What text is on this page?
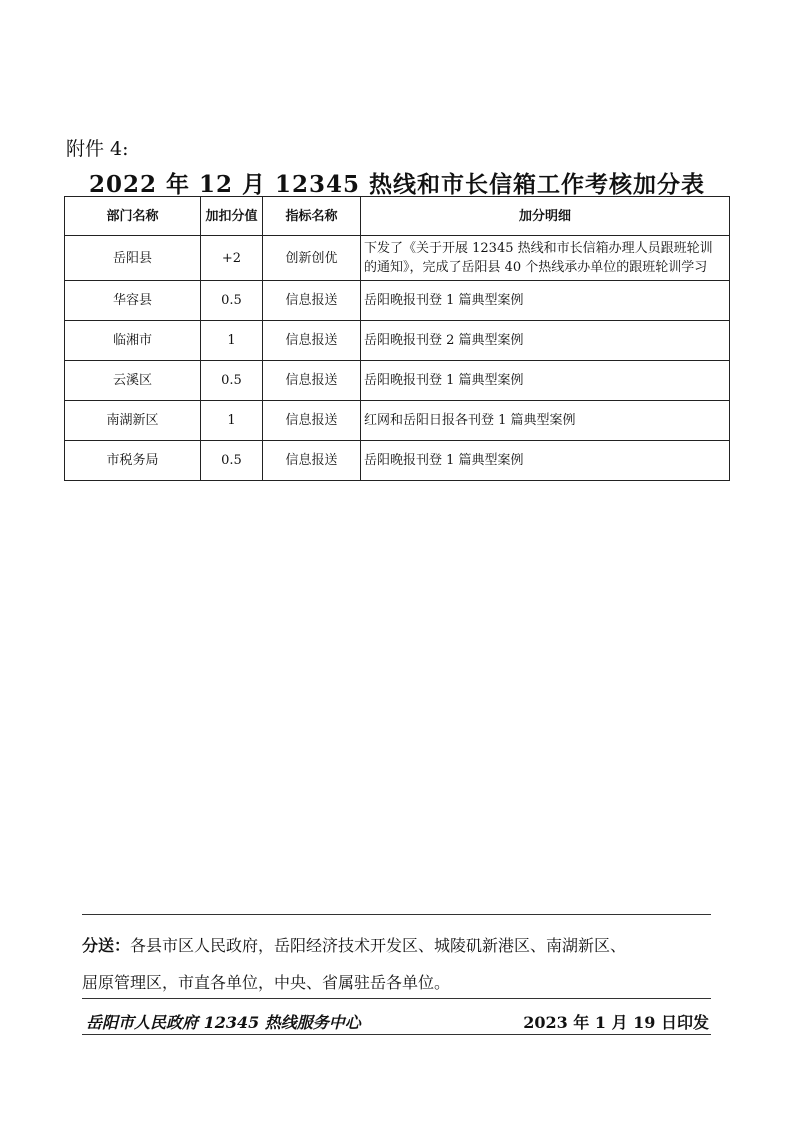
附件 4:
2022 年 12 月 12345 热线和市长信箱工作考核加分表
部门名称	加扣分值	指标名称	加分明细
岳阳县	+2	创新创优	下发了《关于开展 12345 热线和市长信箱办理人员跟班轮训
的通知》，完成了岳阳县 40 个热线承办单位的跟班轮训学习

华容县	0.5	信息报送	岳阳晚报刊登 1 篇典型案例
临湘市	1	信息报送	岳阳晚报刊登 2 篇典型案例
云溪区	0.5	信息报送	岳阳晚报刊登 1 篇典型案例
南湖新区	1	信息报送	红网和岳阳日报各刊登 1 篇典型案例
市税务局	0.5	信息报送	岳阳晚报刊登 1 篇典型案例
分送：各县市区人民政府，岳阳经济技术开发区、城陵矶新港区、南湖新区、
屈原管理区，市直各单位，中央、省属驻岳各单位。
岳阳市人民政府 12345 热线服务中心	2023 年 1 月 19 日印发
